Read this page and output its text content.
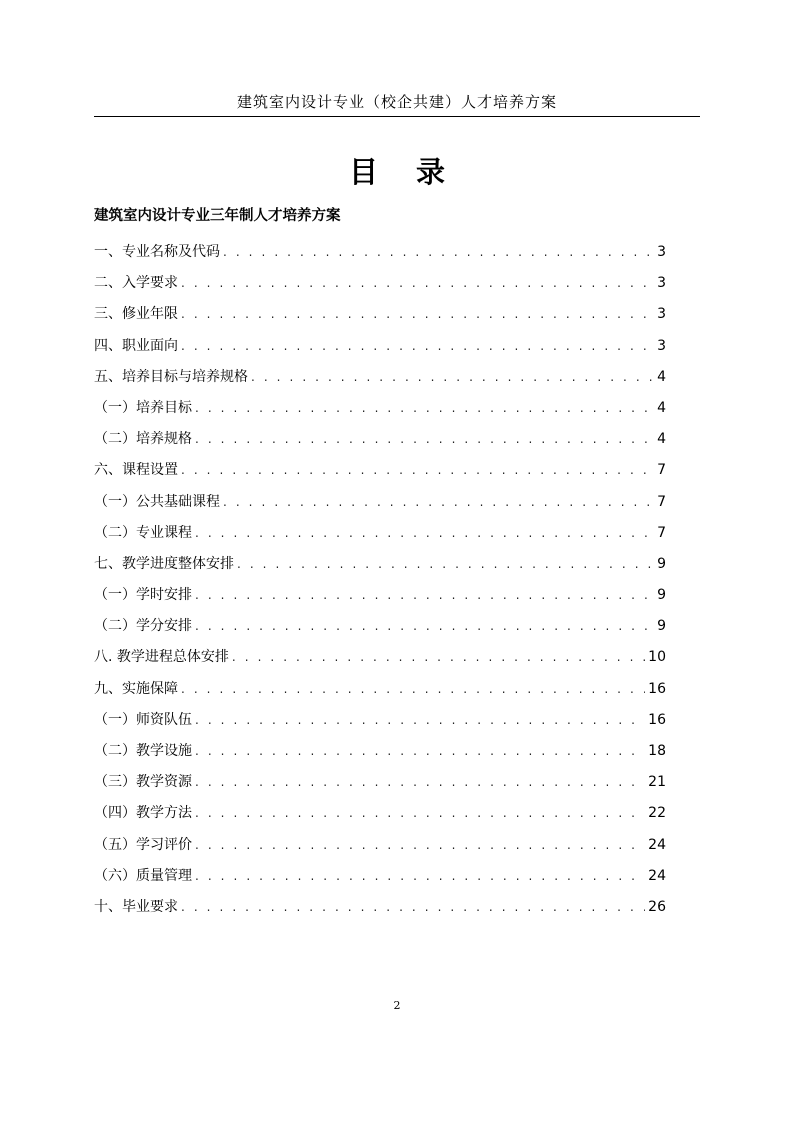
建筑室内设计专业（校企共建）人才培养方案
目 录
建筑室内设计专业三年制人才培养方案
一、专业名称及代码 . . .	3
二、入学要求 . . .	3
三、修业年限 . . .	3
四、职业面向 . . .	3
五、培养目标与培养规格 . . .	4
（一）培养目标 . . .	4
（二）培养规格 . . .	4
六、课程设置 . . .	7
（一）公共基础课程 . . .	7
（二）专业课程 . . .	7
七、教学进度整体安排 . . .	9
（一）学时安排 . . .	9
（二）学分安排 . . .	9
八. 教学进程总体安排 . . .	10
九、实施保障 . . .	16
（一）师资队伍 . . .	16
（二）教学设施 . . .	18
（三）教学资源 . . .	21
（四）教学方法 . . .	22
（五）学习评价 . . .	24
（六）质量管理 . . .	24
十、毕业要求 . . .	26
2
